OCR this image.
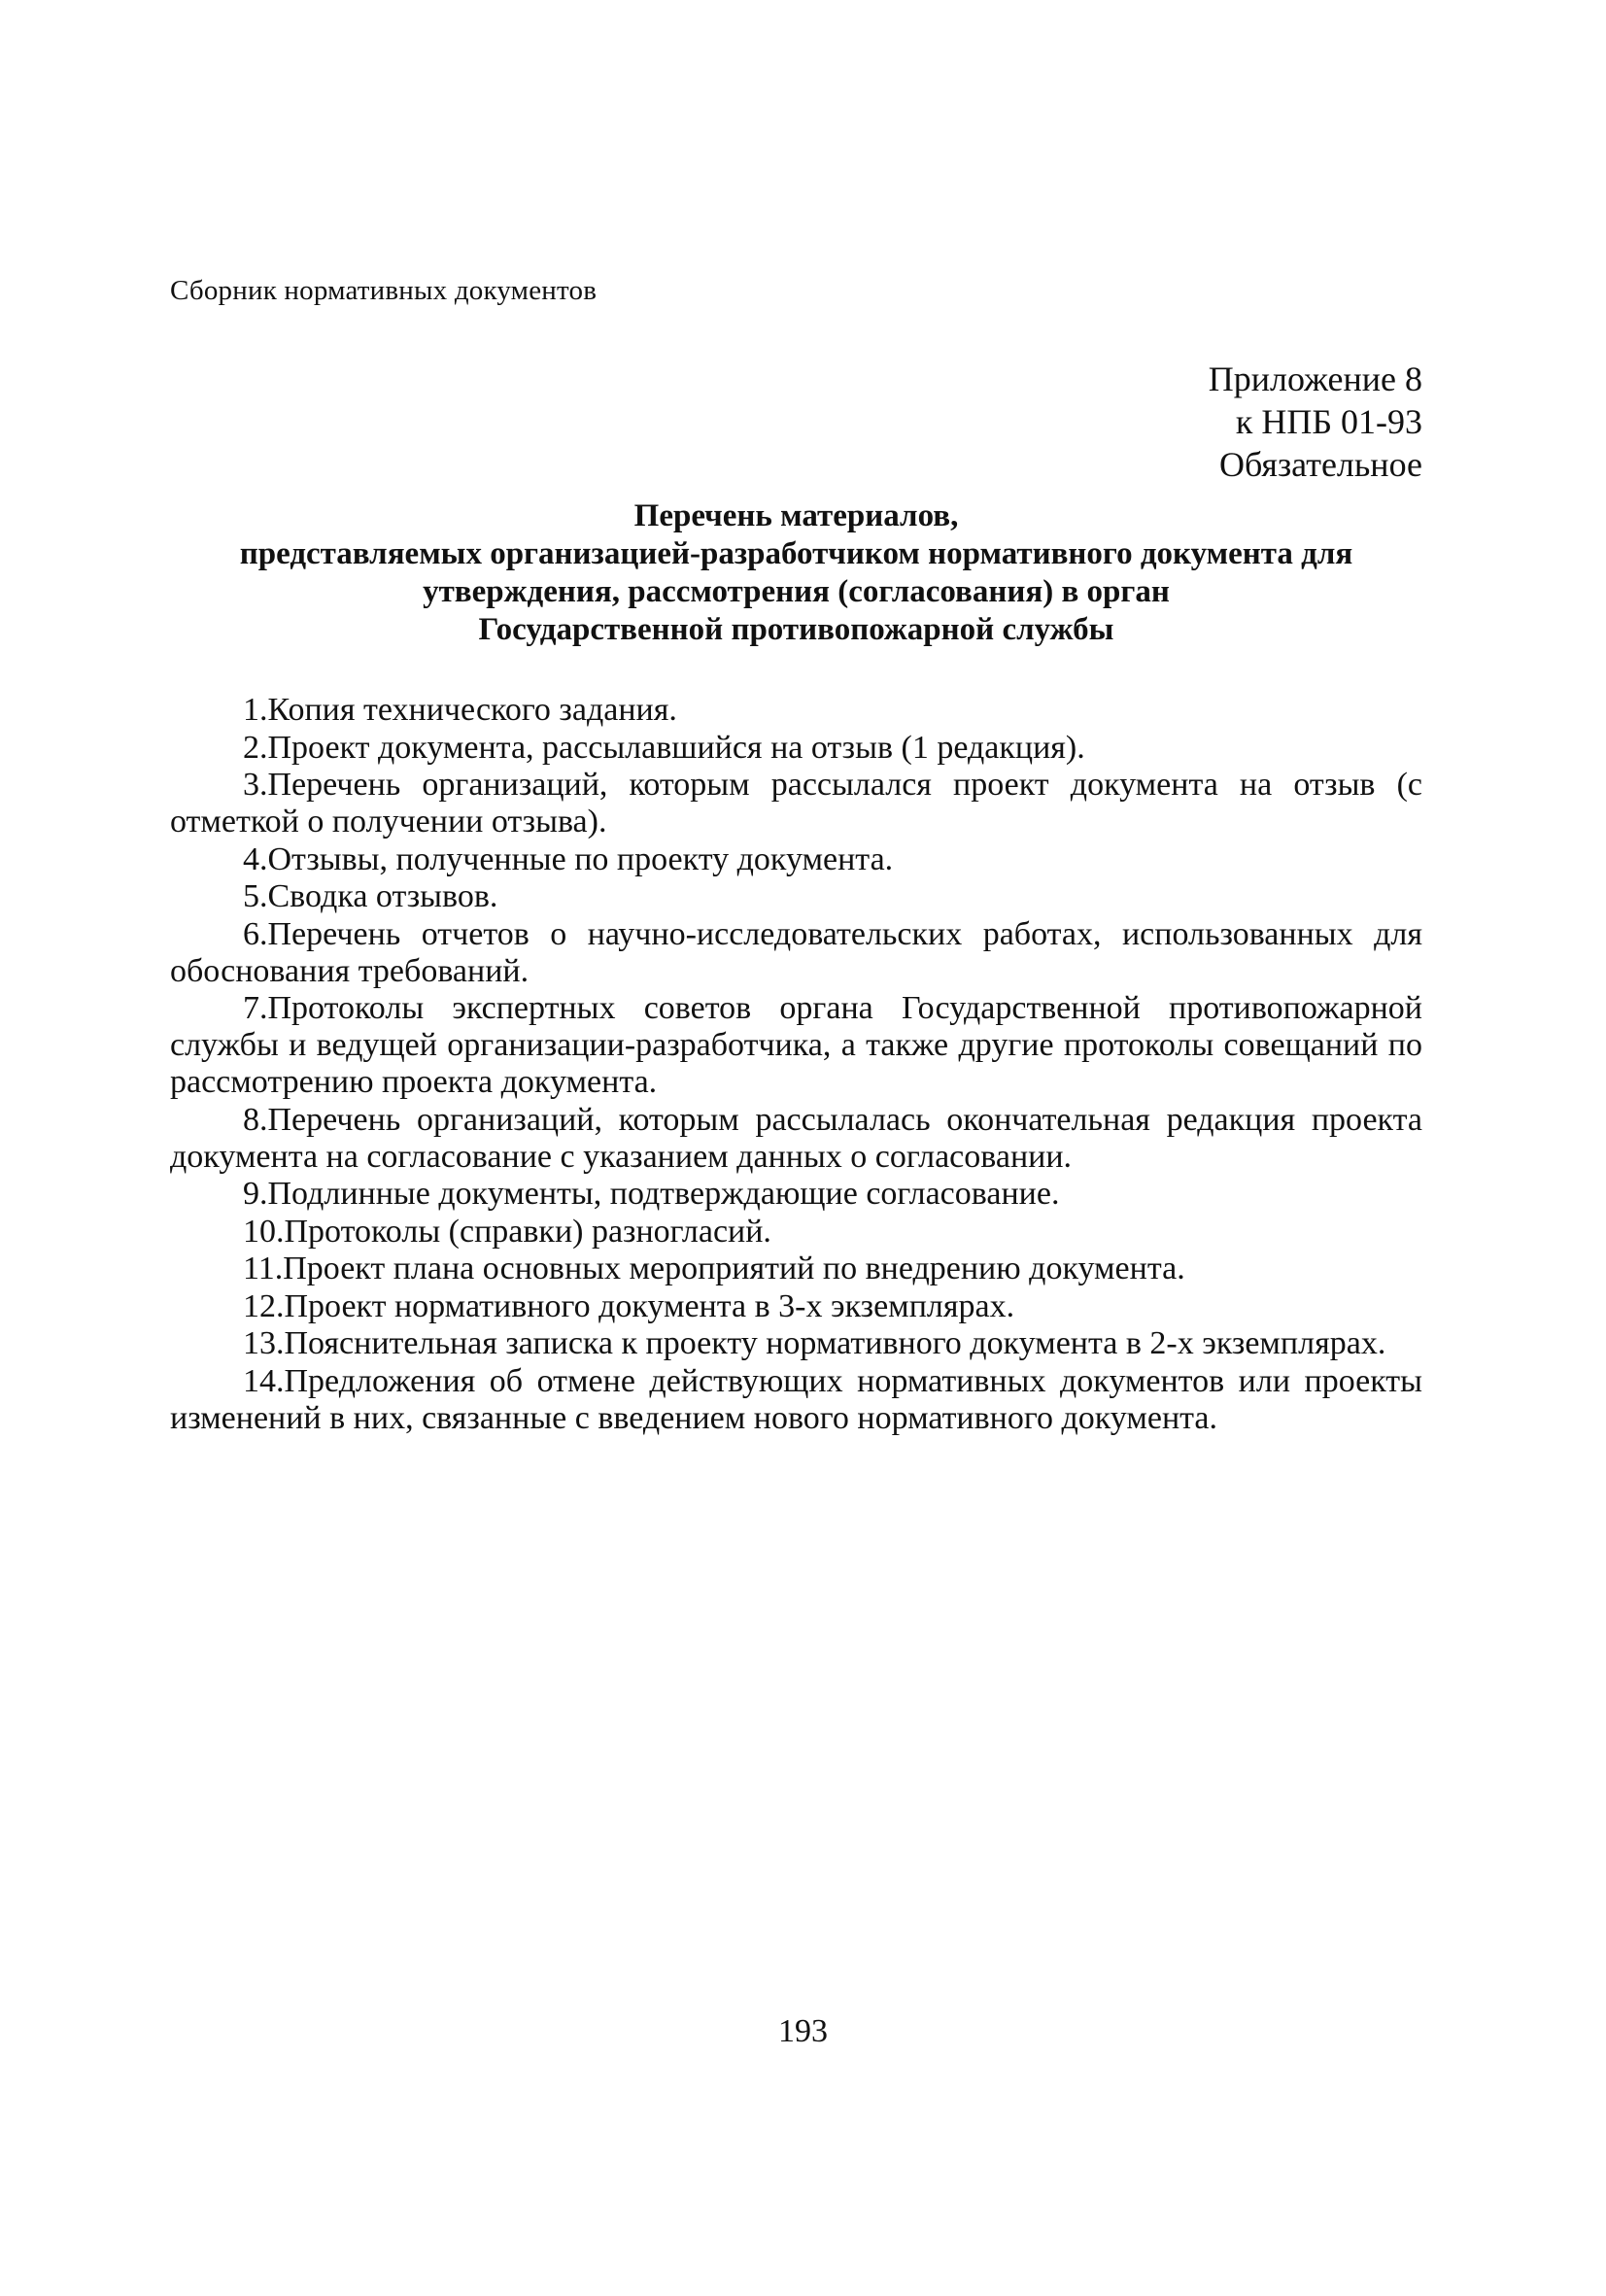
Сборник нормативных документов
Приложение 8
к НПБ 01-93
Обязательное
Перечень материалов,
представляемых организацией-разработчиком нормативного документа для
утверждения, рассмотрения (согласования) в орган
Государственной противопожарной службы

1.Копия технического задания.

2.Проект документа, рассылавшийся на отзыв (1 редакция).

3.Перечень организаций, которым рассылался проект документа на отзыв (с отметкой о получении отзыва).

4.Отзывы, полученные по проекту документа.

5.Сводка отзывов.

6.Перечень отчетов о научно-исследовательских работах, использованных для обоснования требований.

7.Протоколы экспертных советов органа Государственной противопожарной службы и ведущей организации-разработчика, а также другие протоколы совещаний по рассмотрению проекта документа.

8.Перечень организаций, которым рассылалась окончательная редакция проекта документа на согласование с указанием данных о согласовании.

9.Подлинные документы, подтверждающие согласование.

10.Протоколы (справки) разногласий.

11.Проект плана основных мероприятий по внедрению документа.

12.Проект нормативного документа в 3-х экземплярах.

13.Пояснительная записка к проекту нормативного документа в 2-х экземплярах.

14.Предложения об отмене действующих нормативных документов или проекты изменений в них, связанные с введением нового нормативного документа.

193
